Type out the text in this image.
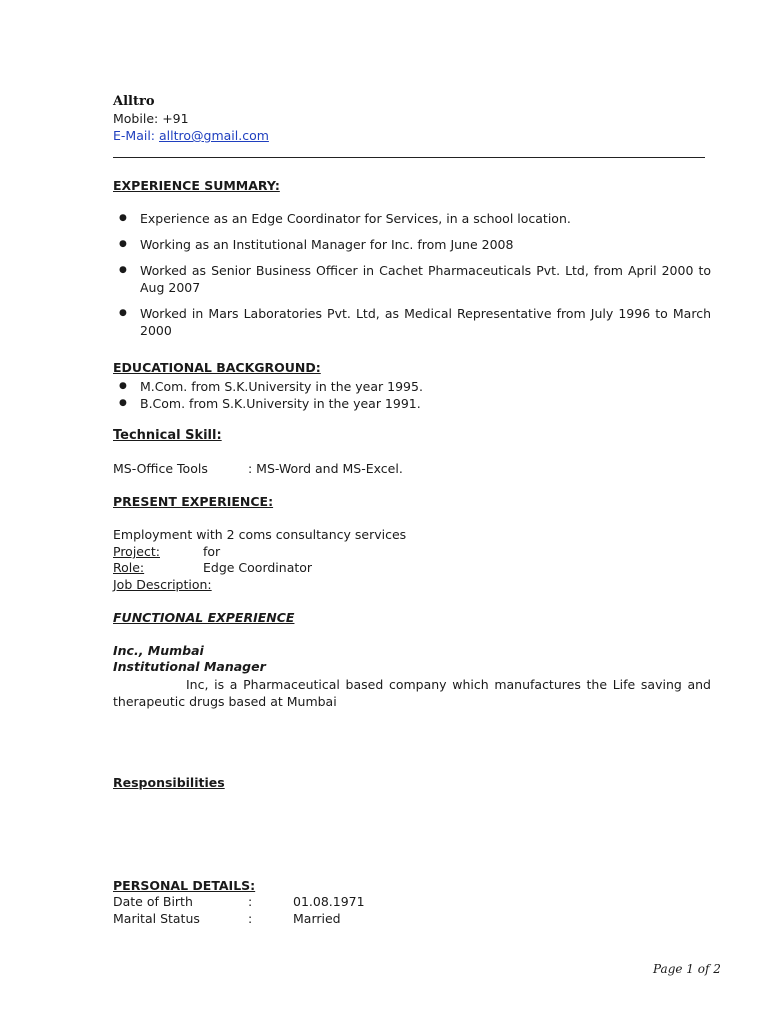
Alltro
Mobile: +91
E-Mail: alltro@gmail.com
EXPERIENCE SUMMARY:
● Experience as an Edge Coordinator for Services, in a school location.
● Working as an Institutional Manager for Inc. from June 2008
● Worked as Senior Business Officer in Cachet Pharmaceuticals Pvt. Ltd, from April 2000 to Aug 2007
● Worked in Mars Laboratories Pvt. Ltd, as Medical Representative from July 1996 to March 2000
EDUCATIONAL BACKGROUND:
● M.Com. from S.K.University in the year 1995.
● B.Com. from S.K.University in the year 1991.
Technical Skill:
MS-Office Tools	: MS-Word and MS-Excel.
PRESENT EXPERIENCE:
Employment with 2 coms consultancy services
Project:	for
Role:	Edge Coordinator
Job Description:
FUNCTIONAL EXPERIENCE
Inc., Mumbai
Institutional Manager

Inc, is a Pharmaceutical based company which manufactures the Life saving and therapeutic drugs based at Mumbai

Responsibilities
PERSONAL DETAILS:
Date of Birth	:	01.08.1971
Marital Status	:	Married
Page 1 of 2
